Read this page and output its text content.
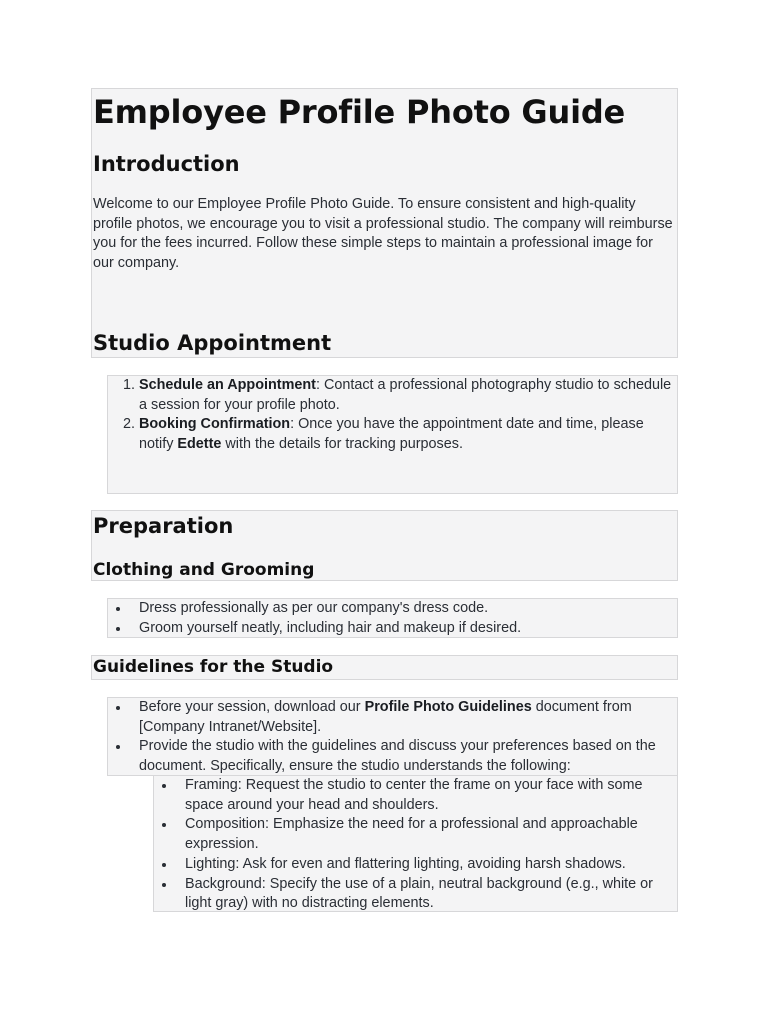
Employee Profile Photo Guide
Introduction

Welcome to our Employee Profile Photo Guide. To ensure consistent and high-quality profile photos, we encourage you to visit a professional studio. The company will reimburse you for the fees incurred. Follow these simple steps to maintain a professional image for our company.

Studio Appointment
1. Schedule an Appointment: Contact a professional photography studio to schedule a session for your profile photo.
2. Booking Confirmation: Once you have the appointment date and time, please notify Edette with the details for tracking purposes.
Preparation
Clothing and Grooming
Dress professionally as per our company's dress code.
Groom yourself neatly, including hair and makeup if desired.
Guidelines for the Studio
Before your session, download our Profile Photo Guidelines document from [Company Intranet/Website].
Provide the studio with the guidelines and discuss your preferences based on the document. Specifically, ensure the studio understands the following:
Framing: Request the studio to center the frame on your face with some space around your head and shoulders.
Composition: Emphasize the need for a professional and approachable expression.
Lighting: Ask for even and flattering lighting, avoiding harsh shadows.
Background: Specify the use of a plain, neutral background (e.g., white or light gray) with no distracting elements.
